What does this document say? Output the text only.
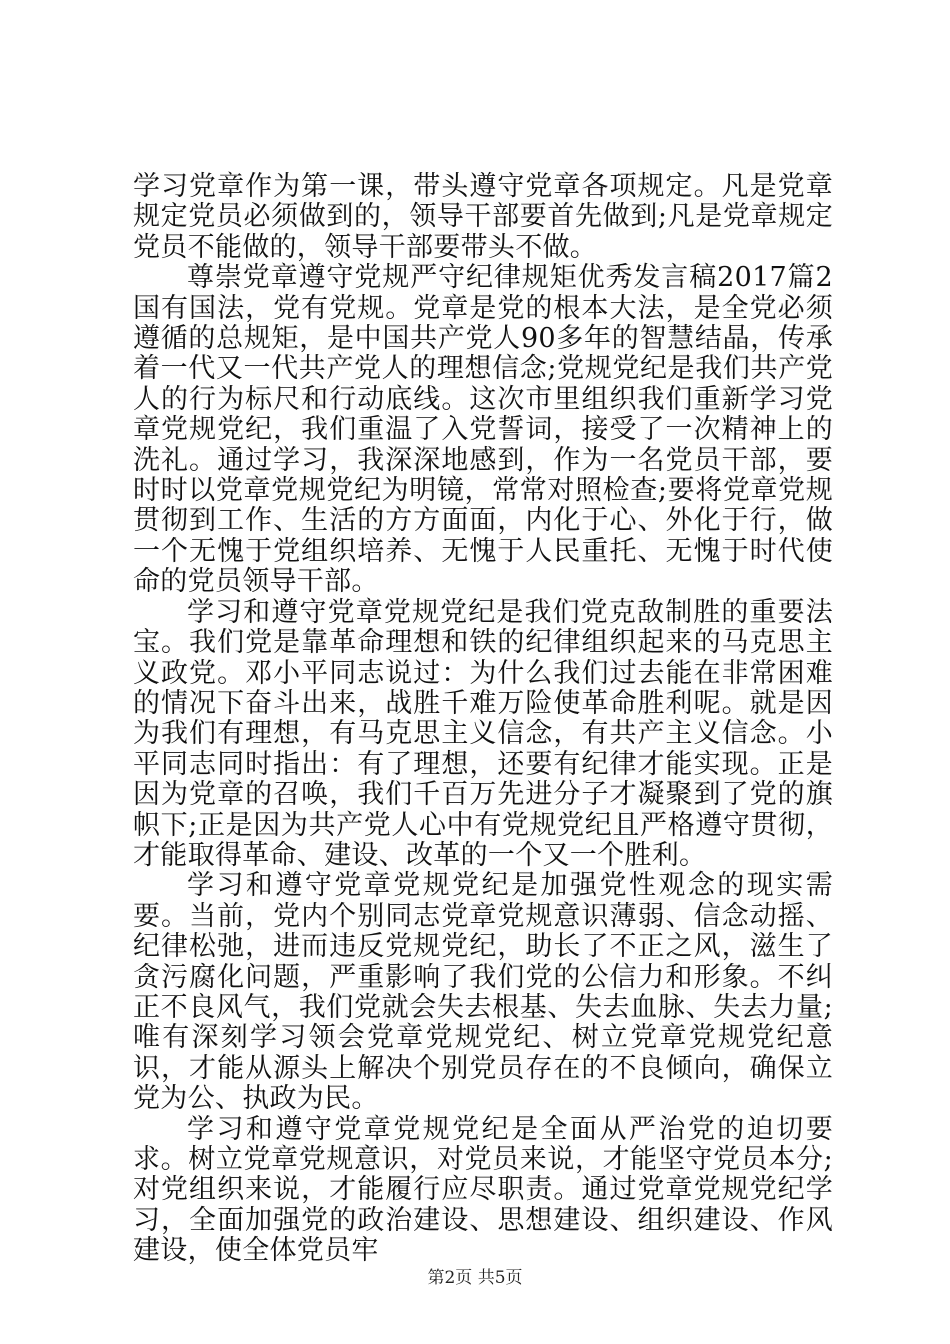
学习党章作为第一课，带头遵守党章各项规定。凡是党章规定党员必须做到的，领导干部要首先做到;凡是党章规定党员不能做的，领导干部要带头不做。

尊崇党章遵守党规严守纪律规矩优秀发言稿2017篇2国有国法，党有党规。党章是党的根本大法，是全党必须遵循的总规矩，是中国共产党人90多年的智慧结晶，传承着一代又一代共产党人的理想信念;党规党纪是我们共产党人的行为标尺和行动底线。这次市里组织我们重新学习党章党规党纪，我们重温了入党誓词，接受了一次精神上的洗礼。通过学习，我深深地感到，作为一名党员干部，要时时以党章党规党纪为明镜，常常对照检查;要将党章党规贯彻到工作、生活的方方面面，内化于心、外化于行，做一个无愧于党组织培养、无愧于人民重托、无愧于时代使命的党员领导干部。

学习和遵守党章党规党纪是我们党克敌制胜的重要法宝。我们党是靠革命理想和铁的纪律组织起来的马克思主义政党。邓小平同志说过：为什么我们过去能在非常困难的情况下奋斗出来，战胜千难万险使革命胜利呢。就是因为我们有理想，有马克思主义信念，有共产主义信念。小平同志同时指出：有了理想，还要有纪律才能实现。正是因为党章的召唤，我们千百万先进分子才凝聚到了党的旗帜下;正是因为共产党人心中有党规党纪且严格遵守贯彻，才能取得革命、建设、改革的一个又一个胜利。

学习和遵守党章党规党纪是加强党性观念的现实需要。当前，党内个别同志党章党规意识薄弱、信念动摇、纪律松弛，进而违反党规党纪，助长了不正之风，滋生了贪污腐化问题，严重影响了我们党的公信力和形象。不纠正不良风气，我们党就会失去根基、失去血脉、失去力量;唯有深刻学习领会党章党规党纪、树立党章党规党纪意识，才能从源头上解决个别党员存在的不良倾向，确保立党为公、执政为民。

学习和遵守党章党规党纪是全面从严治党的迫切要求。树立党章党规意识，对党员来说，才能坚守党员本分;对党组织来说，才能履行应尽职责。通过党章党规党纪学习，全面加强党的政治建设、思想建设、组织建设、作风建设，使全体党员牢

第2页 共5页
